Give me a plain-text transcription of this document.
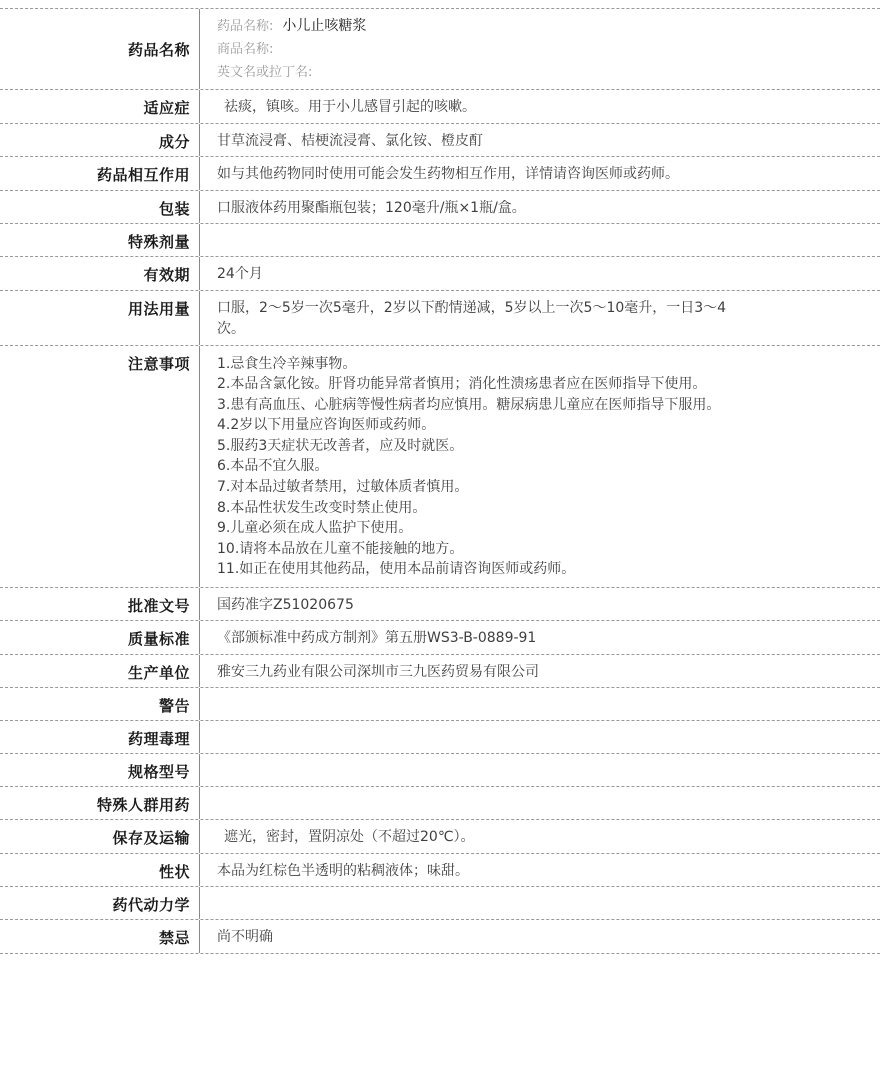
药品名称
药品名称: 小儿止咳糖浆
商品名称:
英文名或拉丁名:
适应症	祛痰，镇咳。用于小儿感冒引起的咳嗽。
成分	甘草流浸膏、桔梗流浸膏、氯化铵、橙皮酊
药品相互作用	如与其他药物同时使用可能会发生药物相互作用，详情请咨询医师或药师。
包装	口服液体药用聚酯瓶包装；120毫升/瓶×1瓶/盒。
特殊剂量
有效期	24个月
用法用量	口服，2～5岁一次5毫升，2岁以下酌情递减，5岁以上一次5～10毫升，一日3～4次。
注意事项	1.忌食生冷辛辣事物。
2.本品含氯化铵。肝肾功能异常者慎用；消化性溃疡患者应在医师指导下使用。
3.患有高血压、心脏病等慢性病者均应慎用。糖尿病患儿童应在医师指导下服用。
4.2岁以下用量应咨询医师或药师。
5.服药3天症状无改善者，应及时就医。
6.本品不宜久服。
7.对本品过敏者禁用，过敏体质者慎用。
8.本品性状发生改变时禁止使用。
9.儿童必须在成人监护下使用。
10.请将本品放在儿童不能接触的地方。
11.如正在使用其他药品，使用本品前请咨询医师或药师。
批准文号	国药准字Z51020675
质量标准	《部颁标准中药成方制剂》第五册WS3-B-0889-91
生产单位	雅安三九药业有限公司深圳市三九医药贸易有限公司
警告
药理毒理
规格型号
特殊人群用药
保存及运输	遮光，密封，置阴凉处（不超过20℃）。
性状	本品为红棕色半透明的粘稠液体；味甜。
药代动力学
禁忌	尚不明确
